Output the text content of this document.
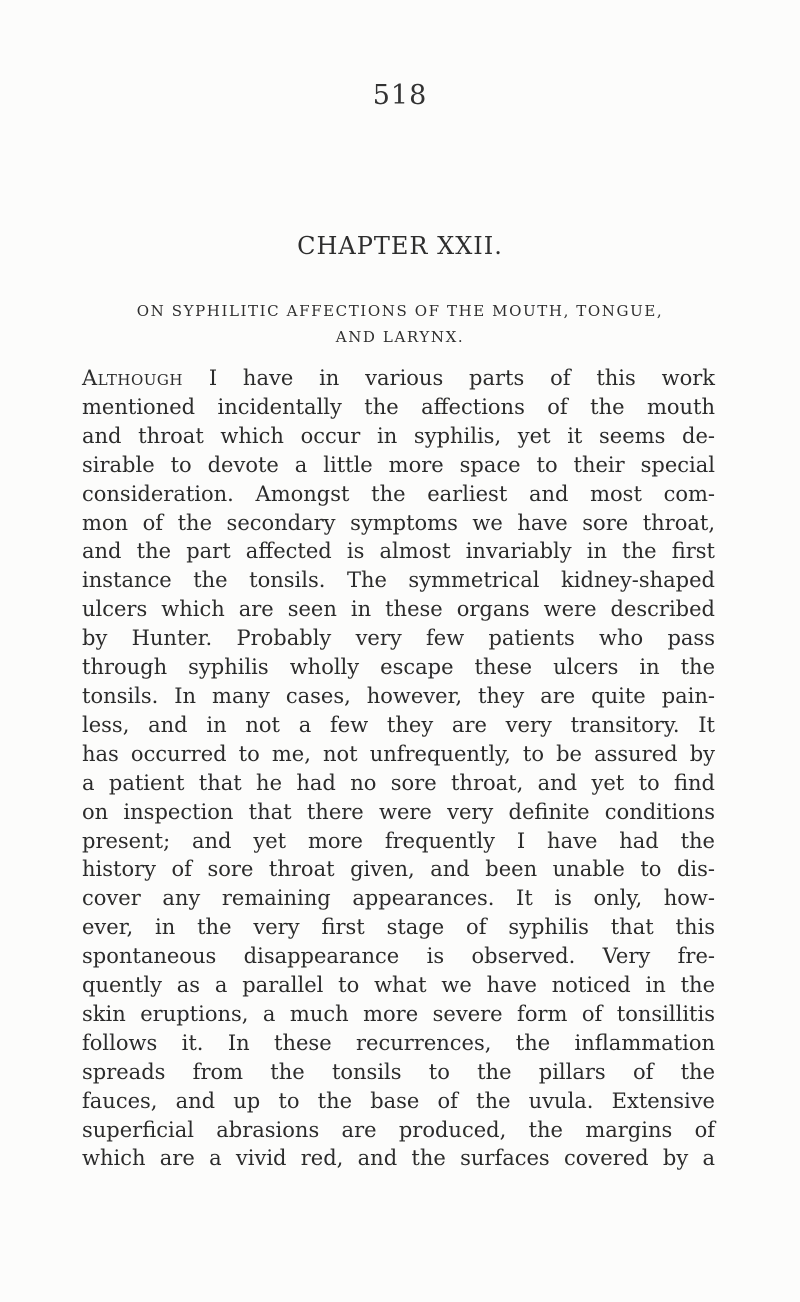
518
CHAPTER XXII.
ON SYPHILITIC AFFECTIONS OF THE MOUTH, TONGUE,
AND LARYNX.
Although I have in various parts of this work
mentioned incidentally the affections of the mouth
and throat which occur in syphilis, yet it seems de-
sirable to devote a little more space to their special
consideration. Amongst the earliest and most com-
mon of the secondary symptoms we have sore throat,
and the part affected is almost invariably in the first
instance the tonsils. The symmetrical kidney-shaped
ulcers which are seen in these organs were described
by Hunter. Probably very few patients who pass
through syphilis wholly escape these ulcers in the
tonsils. In many cases, however, they are quite pain-
less, and in not a few they are very transitory. It
has occurred to me, not unfrequently, to be assured by
a patient that he had no sore throat, and yet to find
on inspection that there were very definite conditions
present; and yet more frequently I have had the
history of sore throat given, and been unable to dis-
cover any remaining appearances. It is only, how-
ever, in the very first stage of syphilis that this
spontaneous disappearance is observed. Very fre-
quently as a parallel to what we have noticed in the
skin eruptions, a much more severe form of tonsillitis
follows it. In these recurrences, the inflammation
spreads from the tonsils to the pillars of the
fauces, and up to the base of the uvula. Extensive
superficial abrasions are produced, the margins of
which are a vivid red, and the surfaces covered by a
